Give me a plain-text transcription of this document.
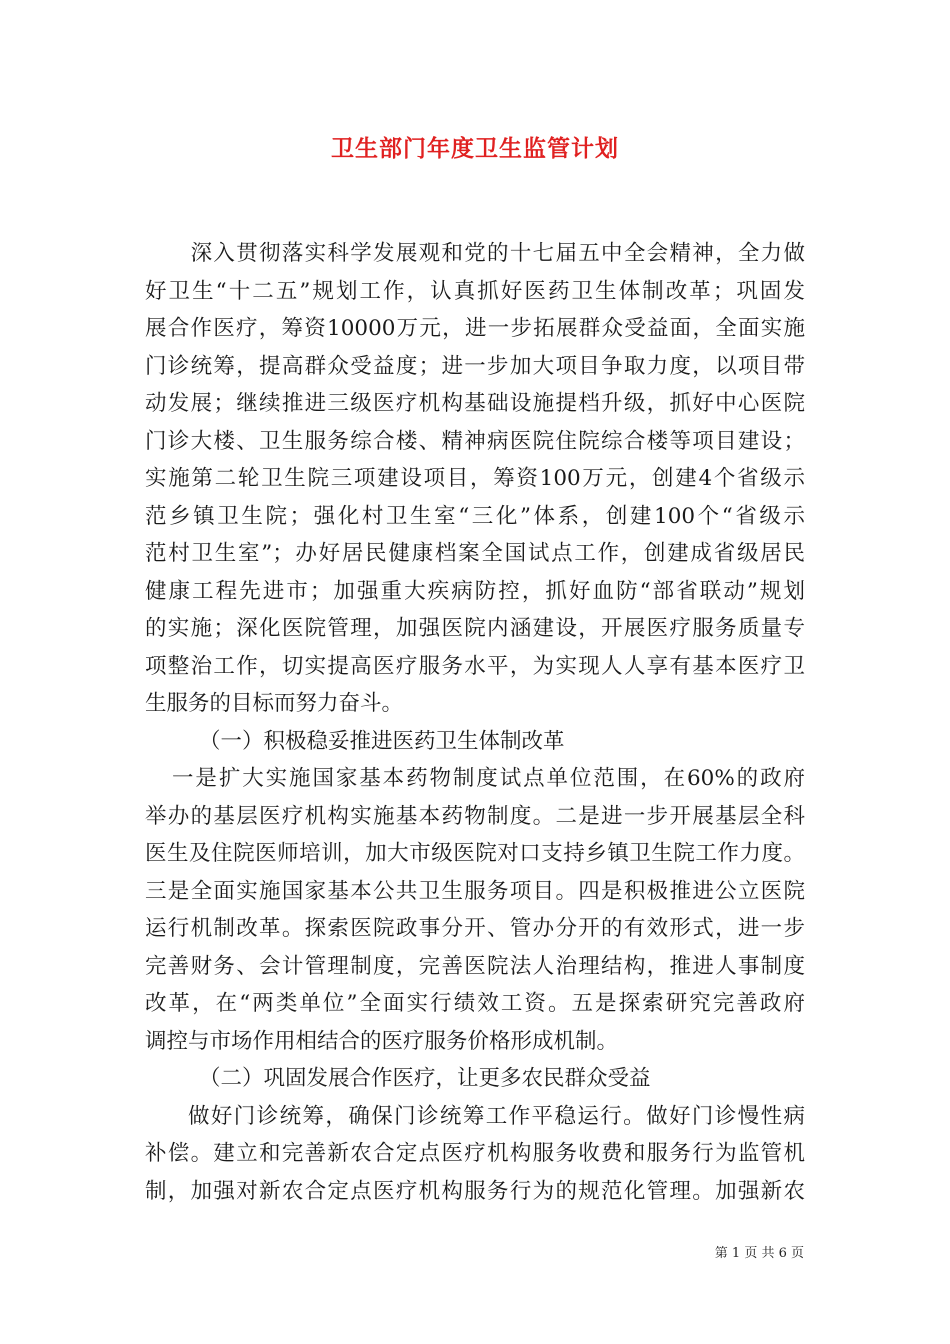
卫生部门年度卫生监管计划
　　深入贯彻落实科学发展观和党的十七届五中全会精神，全力做
好卫生“十二五”规划工作，认真抓好医药卫生体制改革；巩固发
展合作医疗，筹资10000万元，进一步拓展群众受益面，全面实施
门诊统筹，提高群众受益度；进一步加大项目争取力度，以项目带
动发展；继续推进三级医疗机构基础设施提档升级，抓好中心医院
门诊大楼、卫生服务综合楼、精神病医院住院综合楼等项目建设；
实施第二轮卫生院三项建设项目，筹资100万元，创建4个省级示
范乡镇卫生院；强化村卫生室“三化”体系，创建100个“省级示
范村卫生室”；办好居民健康档案全国试点工作，创建成省级居民
健康工程先进市；加强重大疾病防控，抓好血防“部省联动”规划
的实施；深化医院管理，加强医院内涵建设，开展医疗服务质量专
项整治工作，切实提高医疗服务水平，为实现人人享有基本医疗卫
生服务的目标而努力奋斗。
（一）积极稳妥推进医药卫生体制改革
一是扩大实施国家基本药物制度试点单位范围，在60%的政府
举办的基层医疗机构实施基本药物制度。二是进一步开展基层全科
医生及住院医师培训，加大市级医院对口支持乡镇卫生院工作力度。
三是全面实施国家基本公共卫生服务项目。四是积极推进公立医院
运行机制改革。探索医院政事分开、管办分开的有效形式，进一步
完善财务、会计管理制度，完善医院法人治理结构，推进人事制度
改革，在“两类单位”全面实行绩效工资。五是探索研究完善政府
调控与市场作用相结合的医疗服务价格形成机制。
（二）巩固发展合作医疗，让更多农民群众受益
做好门诊统筹，确保门诊统筹工作平稳运行。做好门诊慢性病
补偿。建立和完善新农合定点医疗机构服务收费和服务行为监管机
制，加强对新农合定点医疗机构服务行为的规范化管理。加强新农
第 1 页 共 6 页
